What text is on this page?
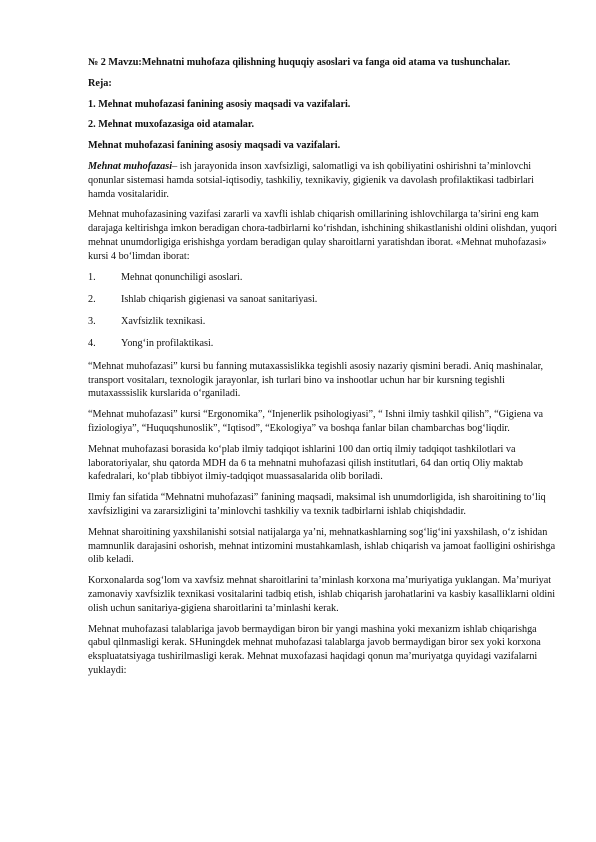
№ 2 Mavzu:Mehnatni muhofaza qilishning huquqiy asoslari va fanga oid atama va tushunchalar.

Reja:

1. Mehnat muhofazasi fanining asosiy maqsadi va vazifalari.

2. Mehnat muxofazasiga oid atamalar.

Mehnat muhofazasi fanining asosiy maqsadi va vazifalari.

Mehnat muhofazasi– ish jarayonida inson xavfsizligi, salomatligi va ish qobiliyatini oshirishni ta’minlovchi qonunlar sistemasi hamda sotsial-iqtisodiy, tashkiliy, texnikaviy, gigienik va davolash profilaktikasi tadbirlari hamda vositalaridir.

Mehnat muhofazasining vazifasi zararli va xavfli ishlab chiqarish omillarining ishlovchilarga ta’sirini eng kam darajaga keltirishga imkon beradigan chora-tadbirlarni ko‘rishdan, ishchining shikastlanishi oldini olishdan, yuqori mehnat unumdorligiga erishishga yordam beradigan qulay sharoitlarni yaratishdan iborat. «Mehnat muhofazasi» kursi 4 bo‘limdan iborat:

1.	Mehnat qonunchiligi asoslari.
2.	Ishlab chiqarish gigienasi va sanoat sanitariyasi.
3.	Xavfsizlik texnikasi.
4.	Yong‘in profilaktikasi.

“Mehnat muhofazasi” kursi bu fanning mutaxassislikka tegishli asosiy nazariy qismini beradi. Aniq mashinalar, transport vositaları, texnologik jarayonlar, ish turlari bino va inshootlar uchun har bir kursning tegishli mutaxasssislik kurslarida o‘rganiladi.

“Mehnat muhofazasi” kursi “Ergonomika”, “Injenerlik psihologiyasi”, “ Ishni ilmiy tashkil qilish”, “Gigiena va fiziologiya”, “Huquqshunoslik”, “Iqtisod”, “Ekologiya” va boshqa fanlar bilan chambarchas bog‘liqdir.

Mehnat muhofazasi borasida ko‘plab ilmiy tadqiqot ishlarini 100 dan ortiq ilmiy tadqiqot tashkilotlari va laboratoriyalar, shu qatorda MDH da 6 ta mehnatni muhofazasi qilish institutlari, 64 dan ortiq Oliy maktab kafedralari, ko‘plab tibbiyot ilmiy-tadqiqot muassasalarida olib boriladi.

Ilmiy fan sifatida “Mehnatni muhofazasi” fanining maqsadi, maksimal ish unumdorligida, ish sharoitining to‘liq xavfsizligini va zararsizligini ta’minlovchi tashkiliy va texnik tadbirlarni ishlab chiqishdadir.

Mehnat sharoitining yaxshilanishi sotsial natijalarga ya’ni, mehnatkashlarning sog‘lig‘ini yaxshilash, o‘z ishidan mamnunlik darajasini oshorish, mehnat intizomini mustahkamlash, ishlab chiqarish va jamoat faolligini oshirishga olib keladi.

Korxonalarda sog‘lom va xavfsiz mehnat sharoitlarini ta’minlash korxona ma’muriyatiga yuklangan. Ma’muriyat zamonaviy xavfsizlik texnikasi vositalarini tadbiq etish, ishlab chiqarish jarohatlarini va kasbiy kasalliklarni oldini olish uchun sanitariya-gigiena sharoitlarini ta’minlashi kerak.

Mehnat muhofazasi talablariga javob bermaydigan biron bir yangi mashina yoki mexanizm ishlab chiqarishga qabul qilnmasligi kerak. SHuningdek mehnat muhofazasi talablarga javob bermaydigan biror sex yoki korxona ekspluatatsiyaga tushirilmasligi kerak. Mehnat muxofazasi haqidagi qonun ma’muriyatga quyidagi vazifalarni yuklaydi:
